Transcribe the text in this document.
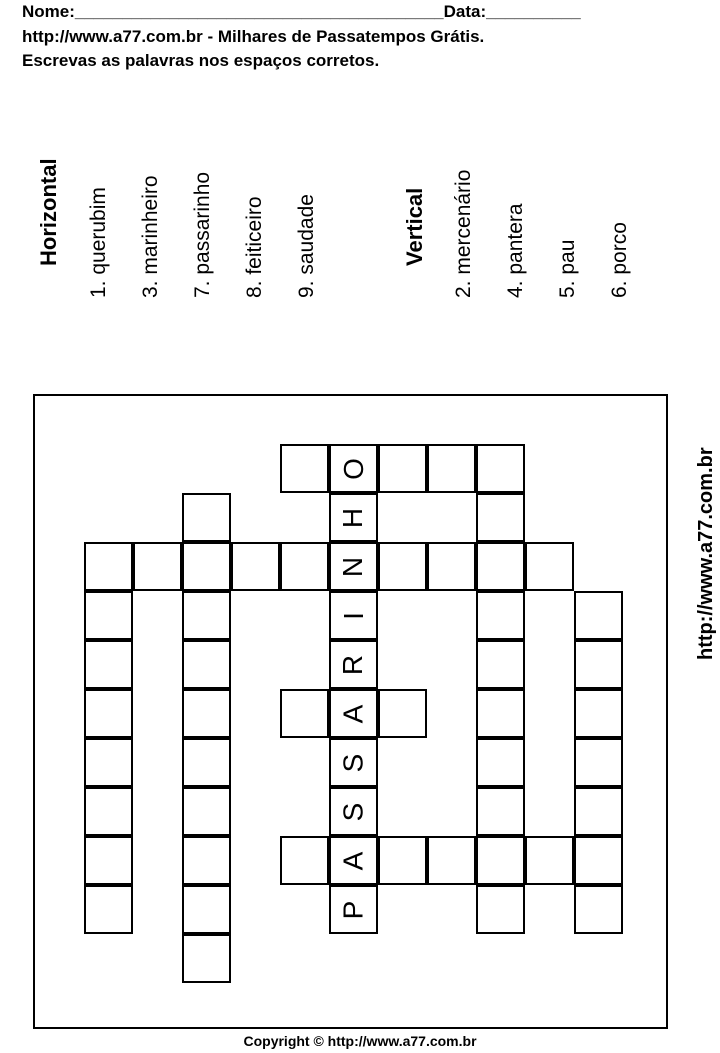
Nome:_______________________________________Data:__________
http://www.a77.com.br - Milhares de Passatempos Grátis.
Escrevas as palavras nos espaços corretos.
Horizontal 1. querubim 3. marinheiro 7. passarinho 8. feiticeiro 9. saudade	Vertical 2. mercenário 4. pantera 5. pau 6. porco
O
H
N
I
R
A
S
S
A
P
http://www.a77.com.br
Copyright © http://www.a77.com.br
